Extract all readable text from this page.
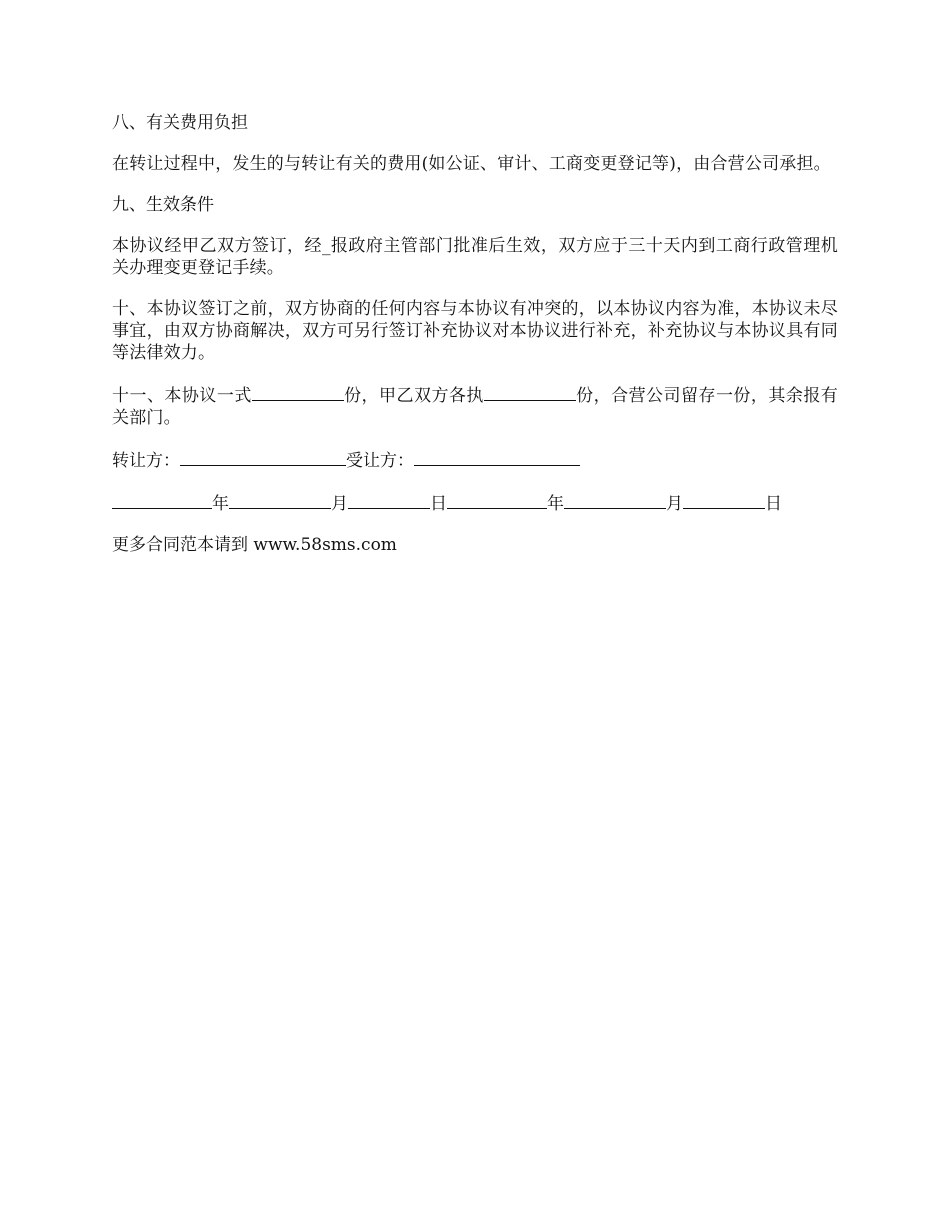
八、有关费用负担

在转让过程中，发生的与转让有关的费用(如公证、审计、工商变更登记等)，由合营公司承担。

九、生效条件

本协议经甲乙双方签订，经_报政府主管部门批准后生效，双方应于三十天内到工商行政管理机关办理变更登记手续。

十、本协议签订之前，双方协商的任何内容与本协议有冲突的，以本协议内容为准，本协议未尽事宜，由双方协商解决，双方可另行签订补充协议对本协议进行补充，补充协议与本协议具有同等法律效力。

十一、本协议一式	份，甲乙双方各执	份，合营公司留存一份，其余报有关部门。

转让方：	受让方：

年	月	日	年	月	日

更多合同范本请到 www.58sms.com
